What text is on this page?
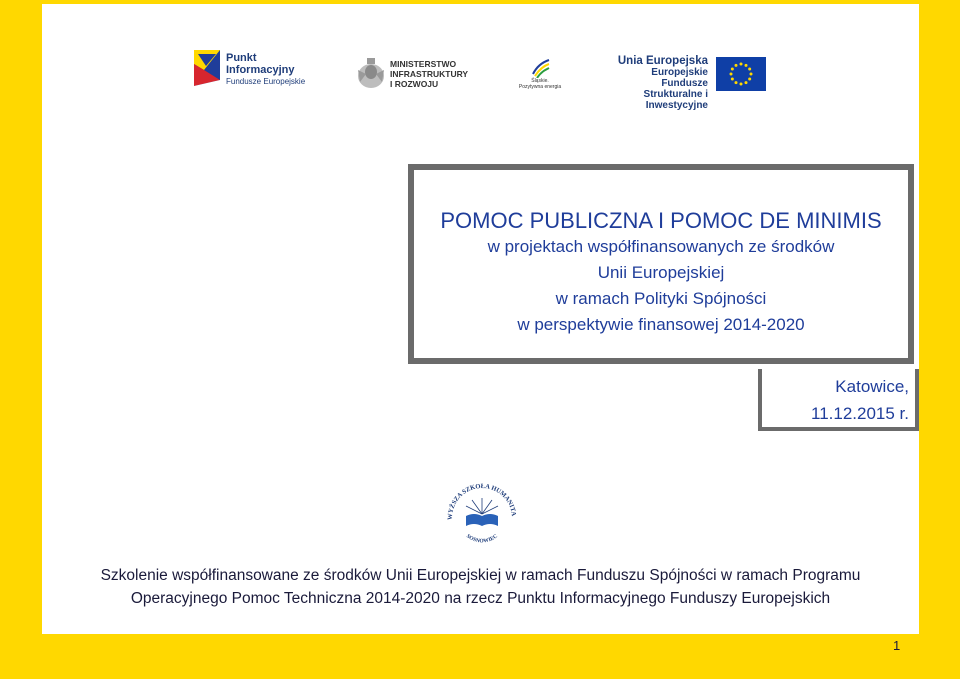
Punkt
Informacyjny
Fundusze Europejskie
MINISTERSTWO
INFRASTRUKTURY
I ROZWOJU	Śląskie.
Pozytywna energia
Unia Europejska
Europejskie Fundusze
Strukturalne i Inwestycyjne
POMOC PUBLICZNA I POMOC DE MINIMIS
w projektach współfinansowanych ze środków
Unii Europejskiej
w ramach Polityki Spójności
w perspektywie finansowej 2014-2020
Katowice,
11.12.2015 r.
WYŻSZA SZKOŁA HUMANITA
SOSNOWIEC
Szkolenie współfinansowane ze środków Unii Europejskiej w ramach Funduszu Spójności w ramach Programu
Operacyjnego Pomoc Techniczna 2014-2020 na rzecz Punktu Informacyjnego Funduszy Europejskich
1
